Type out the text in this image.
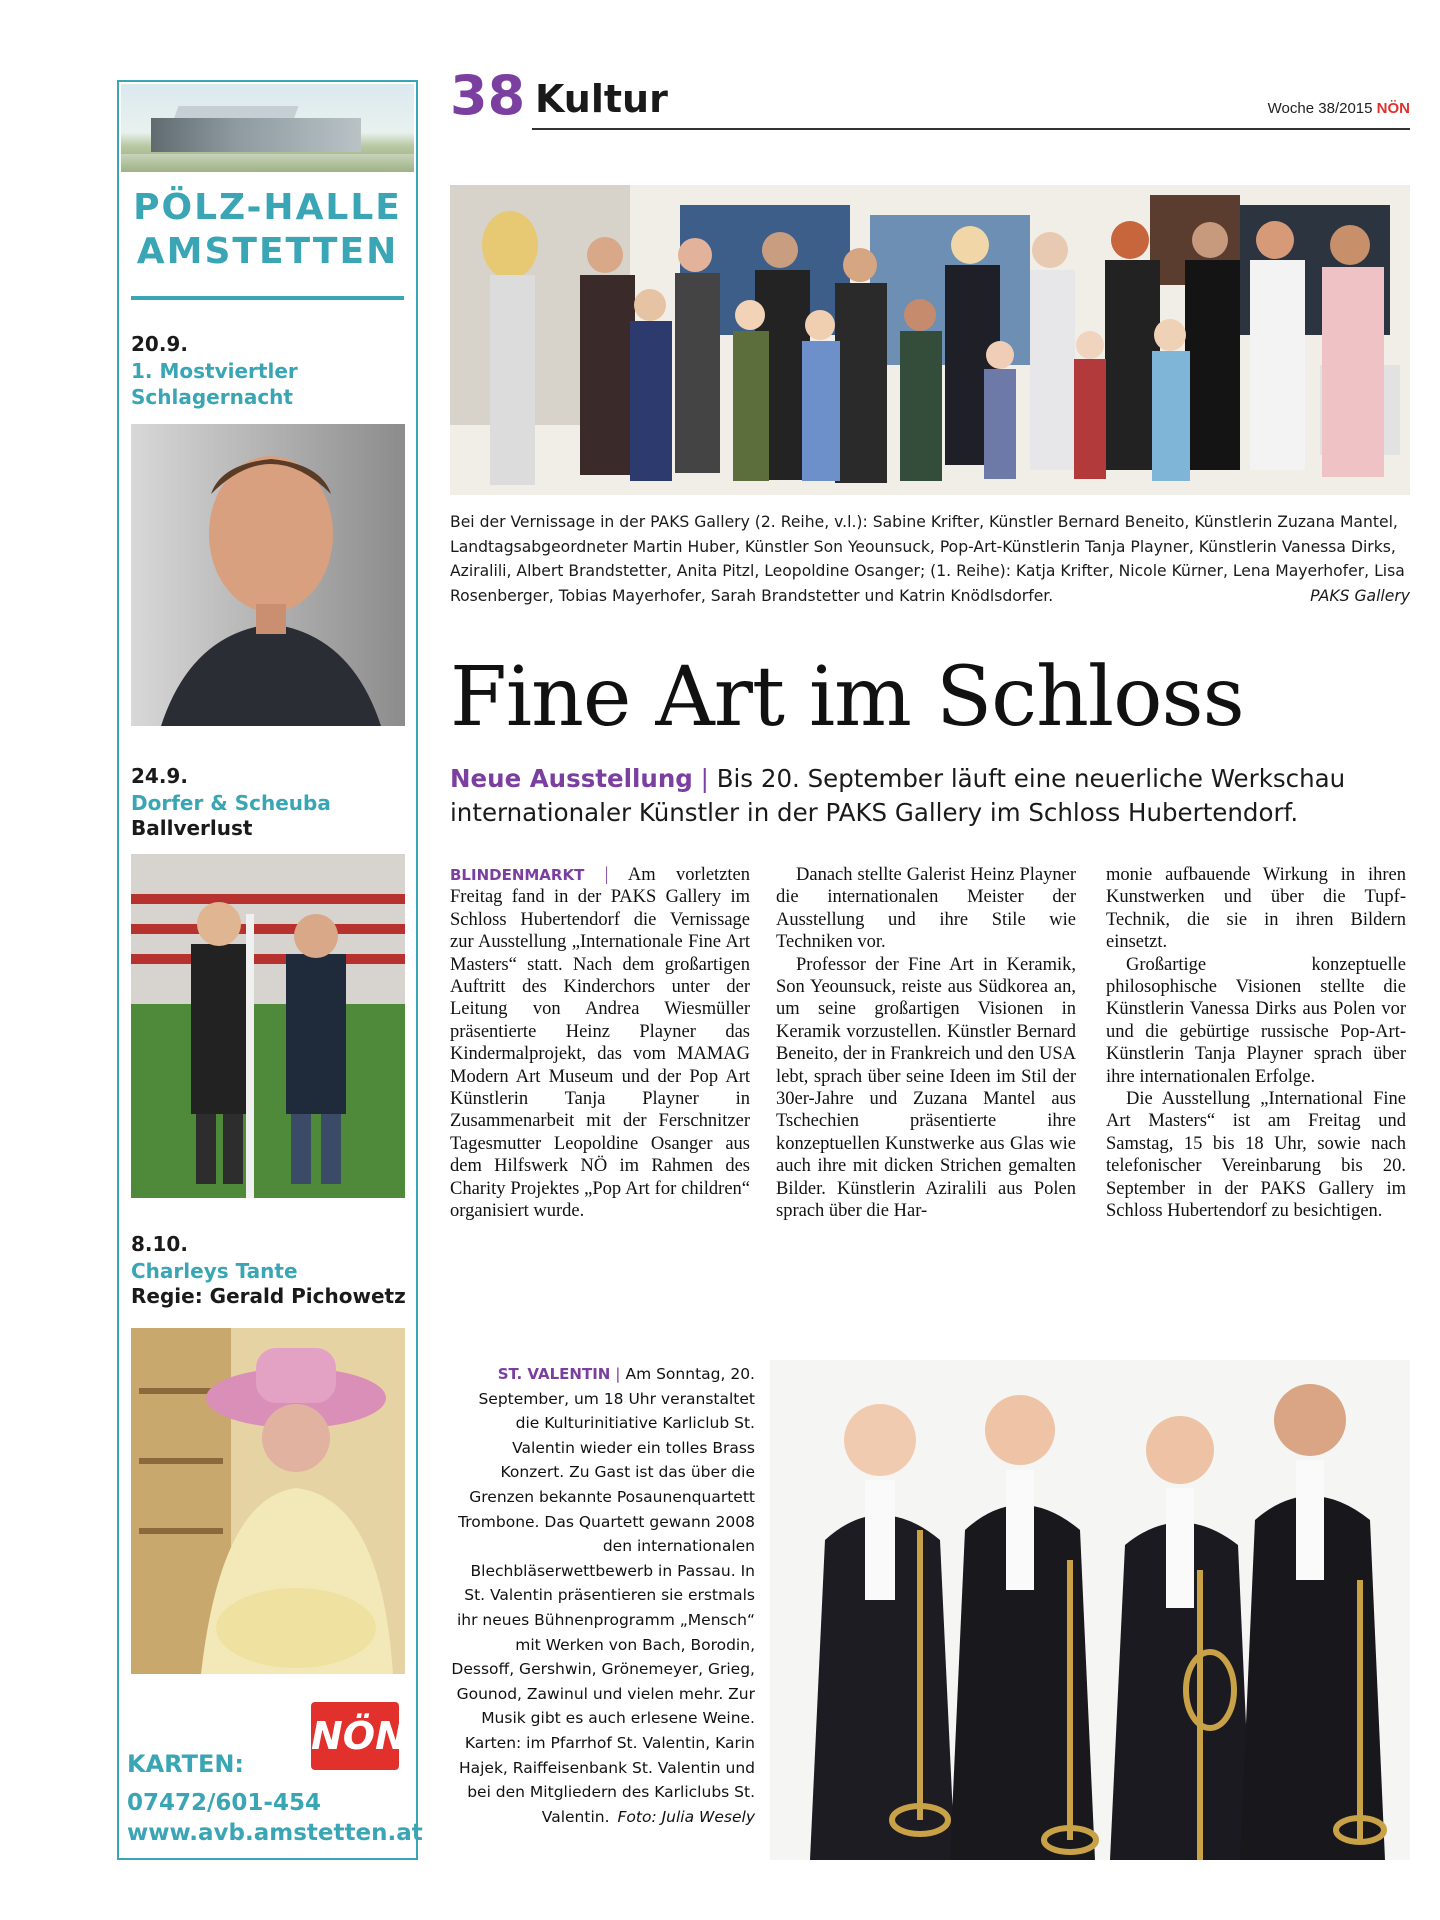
PÖLZ-HALLE AMSTETTEN
20.9.
1. Mostviertler Schlagernacht
24.9.
Dorfer & Scheuba
Ballverlust
8.10.
Charleys Tante
Regie: Gerald Pichowetz
KARTEN:
07472/601-454
www.avb.amstetten.at
NÖN
38 Kultur	Woche 38/2015 NÖN
Bei der Vernissage in der PAKS Gallery (2. Reihe, v.l.): Sabine Krifter, Künstler Bernard Beneito, Künstlerin Zuzana Mantel, Landtagsabgeordneter Martin Huber, Künstler Son Yeounsuck, Pop-Art-Künstlerin Tanja Playner, Künstlerin Vanessa Dirks, Aziralili, Albert Brandstetter, Anita Pitzl, Leopoldine Osanger; (1. Reihe): Katja Krifter, Nicole Kürner, Lena Mayerhofer, Lisa Rosenberger, Tobias Mayerhofer, Sarah Brandstetter und Katrin Knödlsdorfer.	PAKS Gallery
Fine Art im Schloss
Neue Ausstellung | Bis 20. September läuft eine neuerliche Werkschau internationaler Künstler in der PAKS Gallery im Schloss Hubertendorf.

BLINDENMARKT | Am vorletzten Freitag fand in der PAKS Gallery im Schloss Hubertendorf die Vernissage zur Ausstellung „Internationale Fine Art Masters“ statt. Nach dem großartigen Auftritt des Kinderchors unter der Leitung von Andrea Wiesmüller präsentierte Heinz Playner das Kindermalprojekt, das vom MAMAG Modern Art Museum und der Pop Art Künstlerin Tanja Playner in Zusammenarbeit mit der Ferschnitzer Tagesmutter Leopoldine Osanger aus dem Hilfswerk NÖ im Rahmen des Charity Projektes „Pop Art for children“ organisiert wurde.

Danach stellte Galerist Heinz Playner die internationalen Meister der Ausstellung und ihre Stile wie Techniken vor.

Professor der Fine Art in Keramik, Son Yeounsuck, reiste aus Südkorea an, um seine großartigen Visionen in Keramik vorzustellen. Künstler Bernard Beneito, der in Frankreich und den USA lebt, sprach über seine Ideen im Stil der 30er-Jahre und Zuzana Mantel aus Tschechien präsentierte ihre konzeptuellen Kunstwerke aus Glas wie auch ihre mit dicken Strichen gemalten Bilder. Künstlerin Aziralili aus Polen sprach über die Har-

monie aufbauende Wirkung in ihren Kunstwerken und über die Tupf-Technik, die sie in ihren Bildern einsetzt.

Großartige konzeptuelle philosophische Visionen stellte die Künstlerin Vanessa Dirks aus Polen vor und die gebürtige russische Pop-Art-Künstlerin Tanja Playner sprach über ihre internationalen Erfolge.

Die Ausstellung „International Fine Art Masters“ ist am Freitag und Samstag, 15 bis 18 Uhr, sowie nach telefonischer Vereinbarung bis 20. September in der PAKS Gallery im Schloss Hubertendorf zu besichtigen.

ST. VALENTIN | Am Sonntag, 20. September, um 18 Uhr veranstaltet die Kulturinitiative Karliclub St. Valentin wieder ein tolles Brass Konzert. Zu Gast ist das über die Grenzen bekannte Posaunenquartett Trombone. Das Quartett gewann 2008 den internationalen Blechbläserwettbewerb in Passau. In St. Valentin präsentieren sie erstmals ihr neues Bühnenprogramm „Mensch“ mit Werken von Bach, Borodin, Dessoff, Gershwin, Grönemeyer, Grieg, Gounod, Zawinul und vielen mehr. Zur Musik gibt es auch erlesene Weine. Karten: im Pfarrhof St. Valentin, Karin Hajek, Raiffeisenbank St. Valentin und bei den Mitgliedern des Karliclubs St. Valentin. Foto: Julia Wesely
